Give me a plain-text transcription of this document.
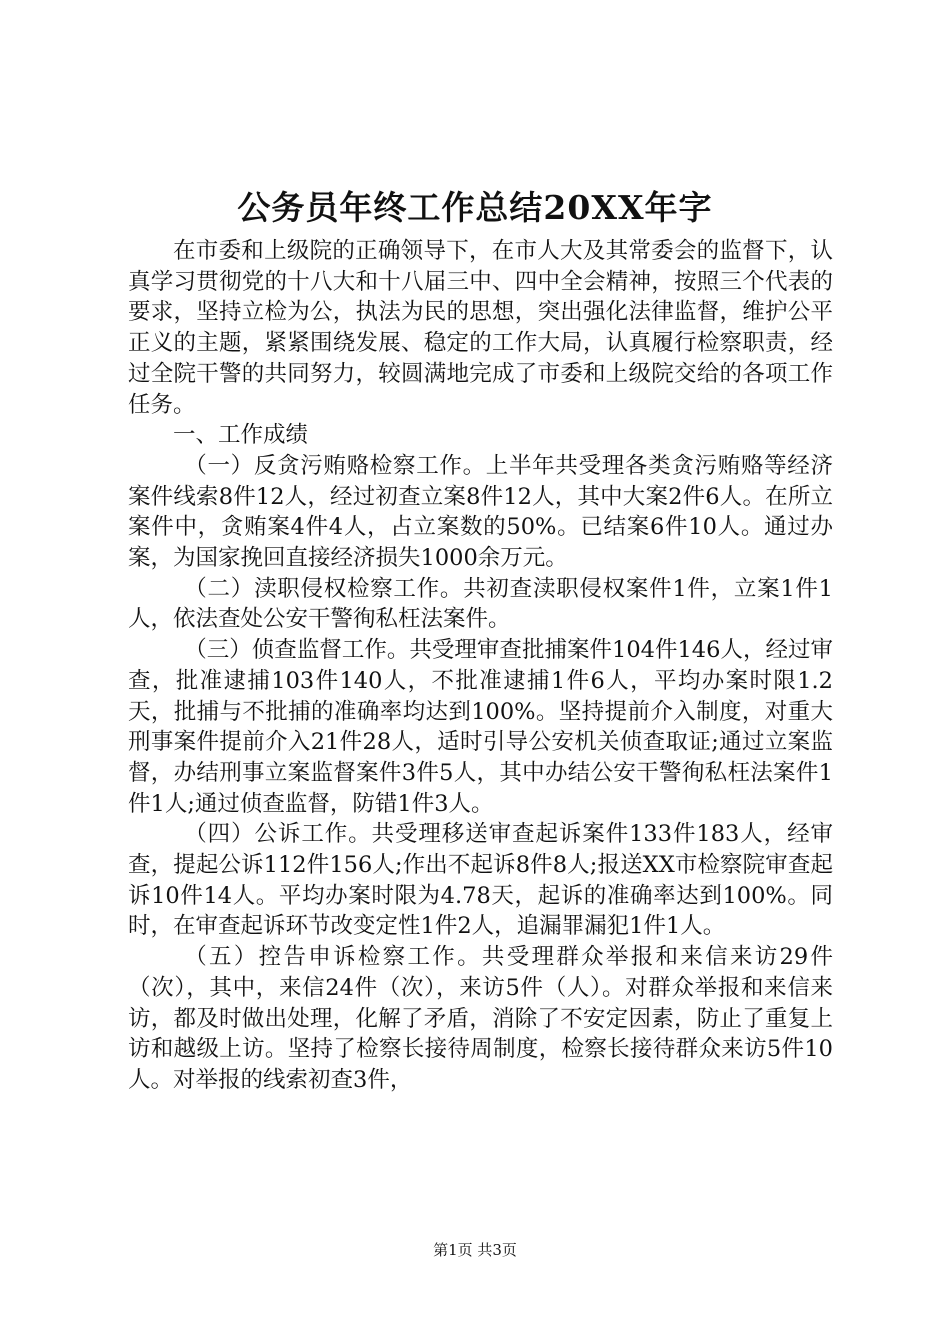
公务员年终工作总结20XX年字

在市委和上级院的正确领导下，在市人大及其常委会的监督下，认真学习贯彻党的十八大和十八届三中、四中全会精神，按照三个代表的要求，坚持立检为公，执法为民的思想，突出强化法律监督，维护公平正义的主题，紧紧围绕发展、稳定的工作大局，认真履行检察职责，经过全院干警的共同努力，较圆满地完成了市委和上级院交给的各项工作任务。

一、工作成绩

（一）反贪污贿赂检察工作。上半年共受理各类贪污贿赂等经济案件线索8件12人，经过初查立案8件12人，其中大案2件6人。在所立案件中，贪贿案4件4人，占立案数的50%。已结案6件10人。通过办案，为国家挽回直接经济损失1000余万元。

（二）渎职侵权检察工作。共初查渎职侵权案件1件，立案1件1人，依法查处公安干警徇私枉法案件。

（三）侦查监督工作。共受理审查批捕案件104件146人，经过审查，批准逮捕103件140人，不批准逮捕1件6人，平均办案时限1.2天，批捕与不批捕的准确率均达到100%。坚持提前介入制度，对重大刑事案件提前介入21件28人，适时引导公安机关侦查取证;通过立案监督，办结刑事立案监督案件3件5人，其中办结公安干警徇私枉法案件1件1人;通过侦查监督，防错1件3人。

（四）公诉工作。共受理移送审查起诉案件133件183人，经审查，提起公诉112件156人;作出不起诉8件8人;报送XX市检察院审查起诉10件14人。平均办案时限为4.78天，起诉的准确率达到100%。同时，在审查起诉环节改变定性1件2人，追漏罪漏犯1件1人。

（五）控告申诉检察工作。共受理群众举报和来信来访29件（次），其中，来信24件（次），来访5件（人）。对群众举报和来信来访，都及时做出处理，化解了矛盾，消除了不安定因素，防止了重复上访和越级上访。坚持了检察长接待周制度，检察长接待群众来访5件10人。对举报的线索初查3件，

第1页 共3页
